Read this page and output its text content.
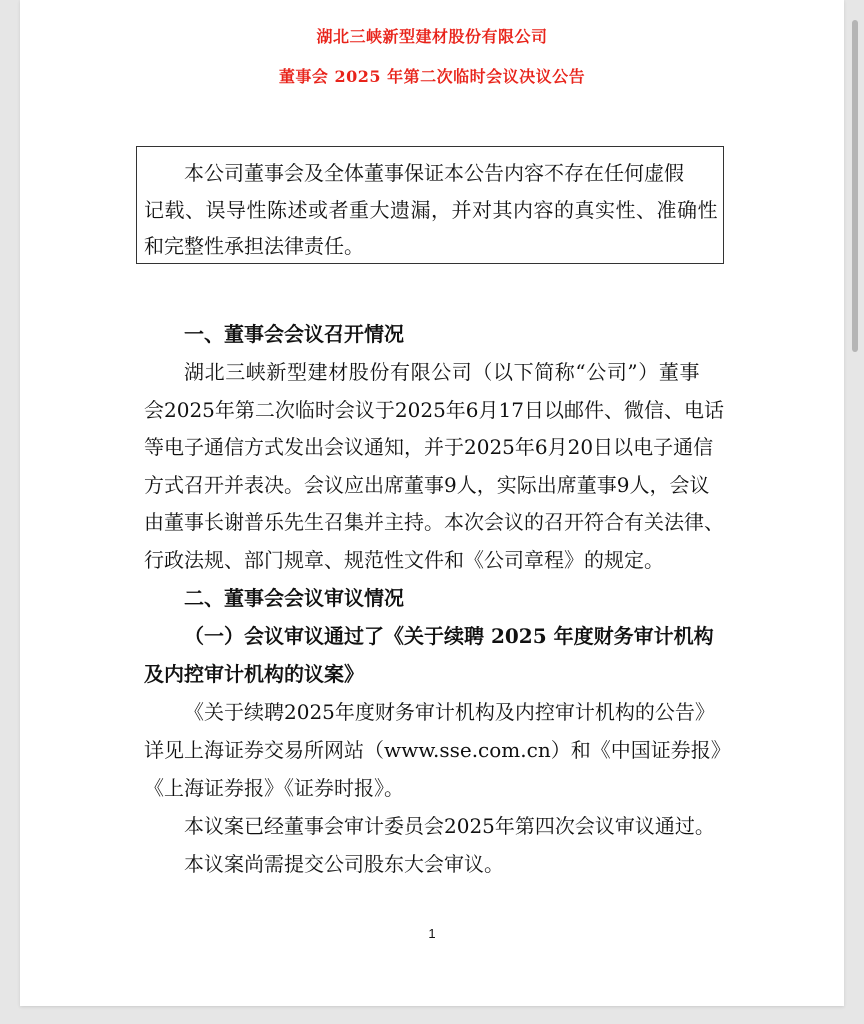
湖北三峡新型建材股份有限公司
董事会 2025 年第二次临时会议决议公告
本公司董事会及全体董事保证本公告内容不存在任何虚假
记载、误导性陈述或者重大遗漏，并对其内容的真实性、准确性
和完整性承担法律责任。
一、董事会会议召开情况
湖北三峡新型建材股份有限公司（以下简称“公司”）董事
会2025年第二次临时会议于2025年6月17日以邮件、微信、电话
等电子通信方式发出会议通知，并于2025年6月20日以电子通信
方式召开并表决。会议应出席董事9人，实际出席董事9人，会议
由董事长谢普乐先生召集并主持。本次会议的召开符合有关法律、
行政法规、部门规章、规范性文件和《公司章程》的规定。
二、董事会会议审议情况
（一）会议审议通过了《关于续聘 2025 年度财务审计机构
及内控审计机构的议案》
《关于续聘2025年度财务审计机构及内控审计机构的公告》
详见上海证券交易所网站（www.sse.com.cn）和《中国证券报》
《上海证券报》《证券时报》。
本议案已经董事会审计委员会2025年第四次会议审议通过。
本议案尚需提交公司股东大会审议。
1
